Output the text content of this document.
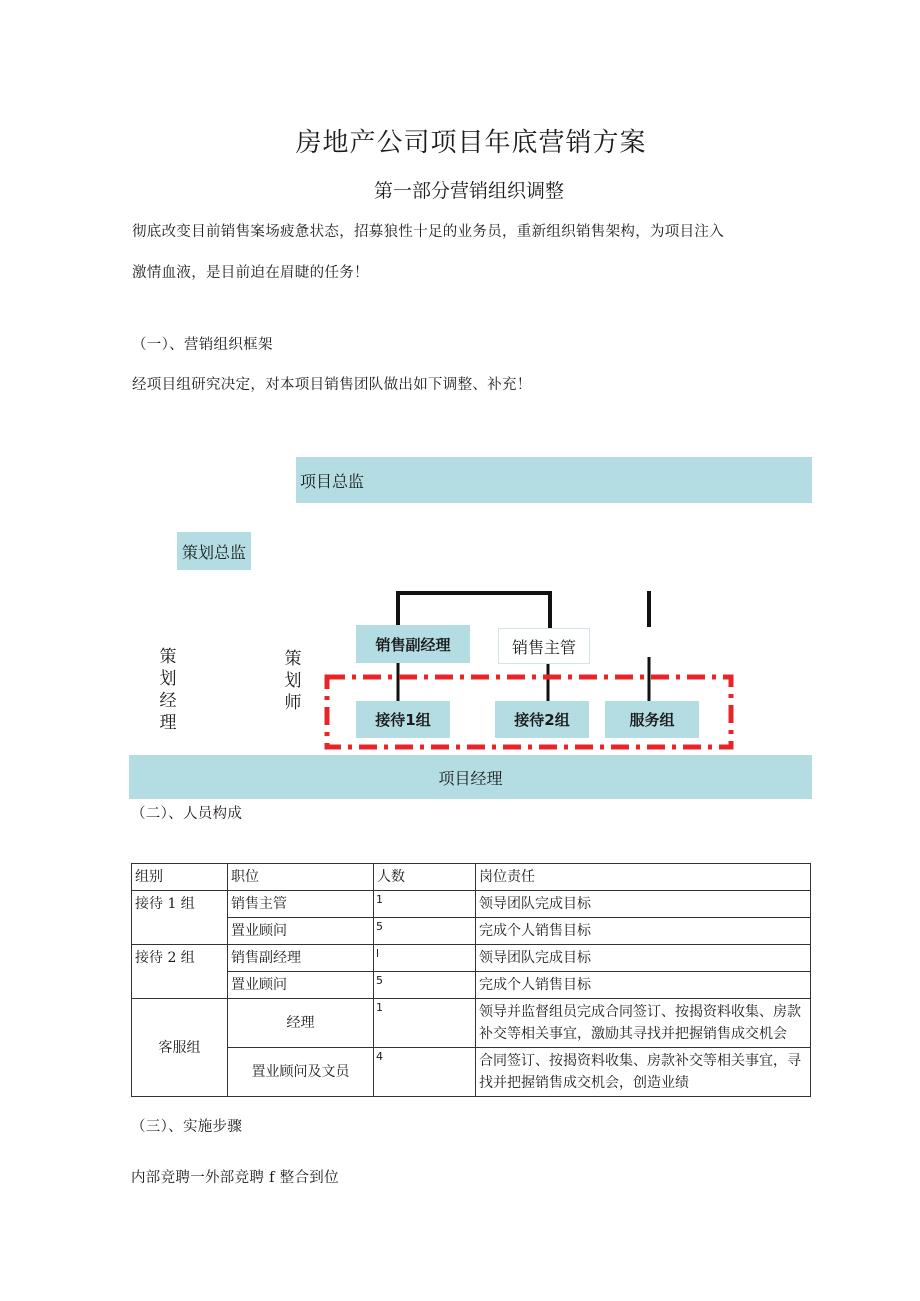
房地产公司项目年底营销方案
第一部分营销组织调整
彻底改变目前销售案场疲惫状态，招募狼性十足的业务员，重新组织销售架构，为项目注入
激情血液，是目前迫在眉睫的任务！
（一）、营销组织框架
经项目组研究决定，对本项目销售团队做出如下调整、补充！
项目总监
策划总监
销售副经理	销售主管
策划经理
策划师
接待1组	接待2组	服务组
项目经理
（二）、人员构成
组别	职位	人数	岗位责任
接待 1 组	销售主管	1	领导团队完成目标
	置业顾问	5	完成个人销售目标
接待 2 组	销售副经理	l	领导团队完成目标
	置业顾问	5	完成个人销售目标
客服组	经理	1	领导并监督组员完成合同签订、按揭资料收集、房款补交等相关事宜，激励其寻找并把握销售成交机会
	置业顾问及文员	4	合同签订、按揭资料收集、房款补交等相关事宜，寻找并把握销售成交机会，创造业绩
（三）、实施步骤
内部竞聘一外部竞聘 f 整合到位
